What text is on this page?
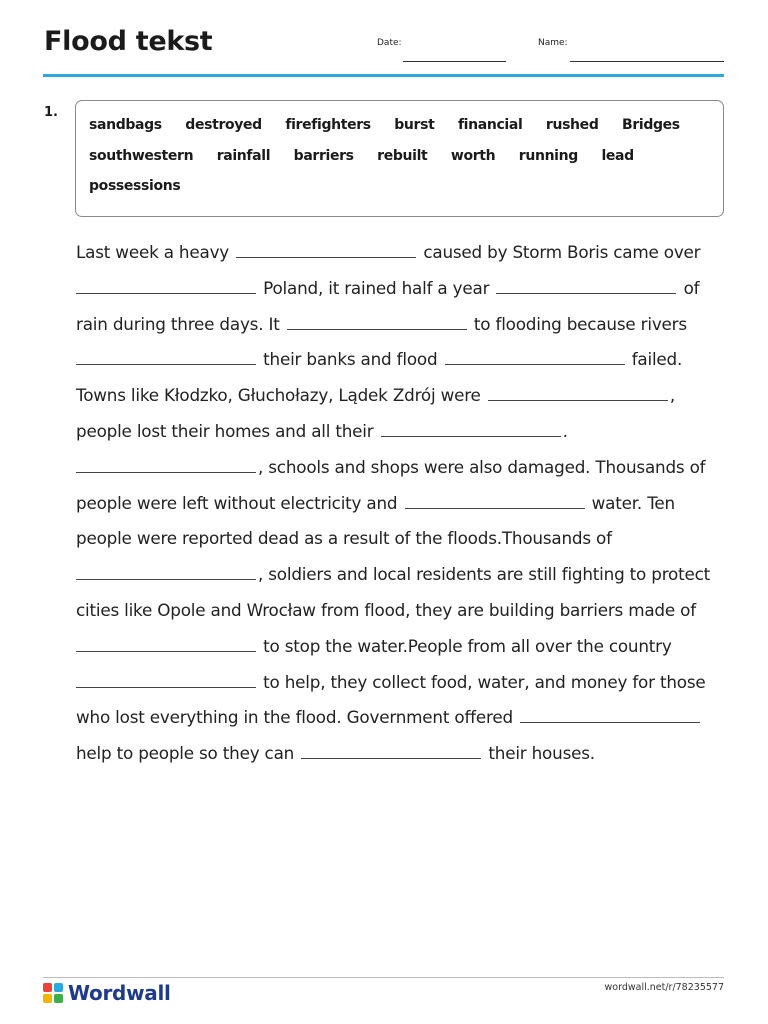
Flood tekst	Date:	Name:
1.
sandbags destroyed firefighters burst financial rushed Bridges
southwestern rainfall barriers rebuilt worth running lead
possessions
Last week a heavy	caused by Storm Boris came over
Poland, it rained half a year	of
rain during three days. It	to flooding because rivers
their banks and flood	failed.
Towns like Kłodzko, Głuchołazy, Lądek Zdrój were	,
people lost their homes and all their	.
, schools and shops were also damaged. Thousands of
people were left without electricity and	water. Ten
people were reported dead as a result of the floods.Thousands of
, soldiers and local residents are still fighting to protect
cities like Opole and Wrocław from flood, they are building barriers made of
to stop the water.People from all over the country
to help, they collect food, water, and money for those
who lost everything in the flood. Government offered
help to people so they can	their houses.
Wordwall	wordwall.net/r/78235577
